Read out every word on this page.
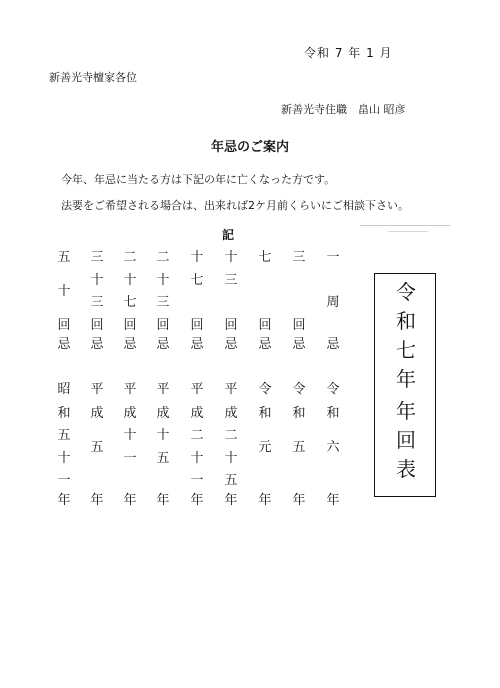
令和 7 年 1 月
新善光寺檀家各位
新善光寺住職　畠山 昭彦
年忌のご案内
今年、年忌に当たる方は下記の年に亡くなった方です。
法要をご希望される場合は、出来れば2ケ月前くらいにご相談下さい。
記
五
十
回
忌
昭
和
五
十
一
年
三
十
三
回
忌
平
成
五
年
二
十
七
回
忌
平
成
十
一
年
二
十
三
回
忌
平
成
十
五
年
十
七
回
忌
平
成
二
十
一
年
十
三
回
忌
平
成
二
十
五
年
七
回
忌
令
和
元
年
三
回
忌
令
和
五
年
一
周
忌
令
和
六
年
令
和
七
年
年
回
表
